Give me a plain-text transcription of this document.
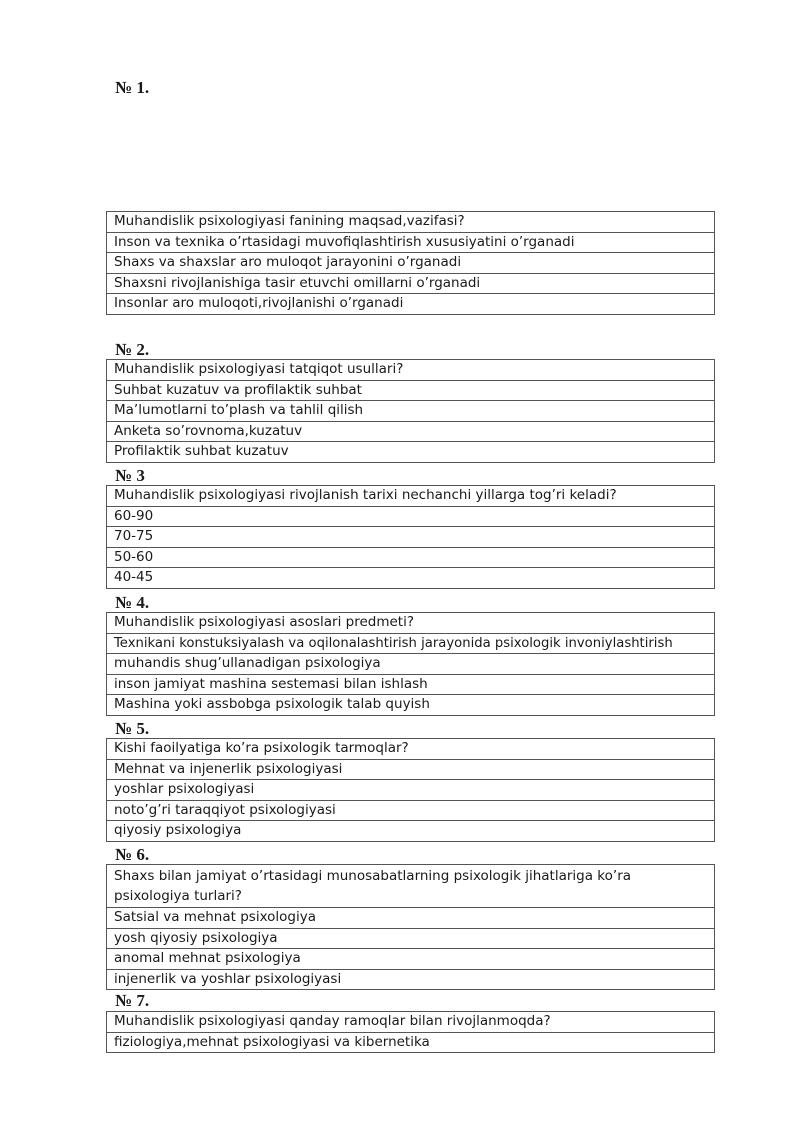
№ 1.
Muhandislik psixologiyasi fanining maqsad,vazifasi?
Inson va texnika o’rtasidagi muvofiqlashtirish xususiyatini o’rganadi
Shaxs va shaxslar aro muloqot jarayonini o’rganadi
Shaxsni rivojlanishiga tasir etuvchi omillarni o’rganadi
Insonlar aro muloqoti,rivojlanishi o’rganadi
№ 2.
Muhandislik psixologiyasi tatqiqot usullari?
Suhbat kuzatuv va profilaktik suhbat
Ma’lumotlarni to’plash va tahlil qilish
Anketa so’rovnoma,kuzatuv
Profilaktik suhbat kuzatuv
№ 3
Muhandislik psixologiyasi rivojlanish tarixi nechanchi yillarga tog’ri keladi?
60-90
70-75
50-60
40-45
№ 4.
Muhandislik psixologiyasi asoslari predmeti?
Texnikani konstuksiyalash va oqilonalashtirish jarayonida psixologik invoniylashtirish
muhandis shug’ullanadigan psixologiya
inson jamiyat mashina sestemasi bilan ishlash
Mashina yoki assbobga psixologik talab quyish
№ 5.
Kishi faoilyatiga ko’ra psixologik tarmoqlar?
Mehnat va injenerlik psixologiyasi
yoshlar psixologiyasi
noto’g’ri taraqqiyot psixologiyasi
qiyosiy psixologiya
№ 6.
Shaxs bilan jamiyat o’rtasidagi munosabatlarning psixologik jihatlariga ko’ra psixologiya turlari?
Satsial va mehnat psixologiya
yosh qiyosiy psixologiya
anomal mehnat psixologiya
injenerlik va yoshlar psixologiyasi
№ 7.
Muhandislik psixologiyasi qanday ramoqlar bilan rivojlanmoqda?
fiziologiya,mehnat psixologiyasi va kibernetika
